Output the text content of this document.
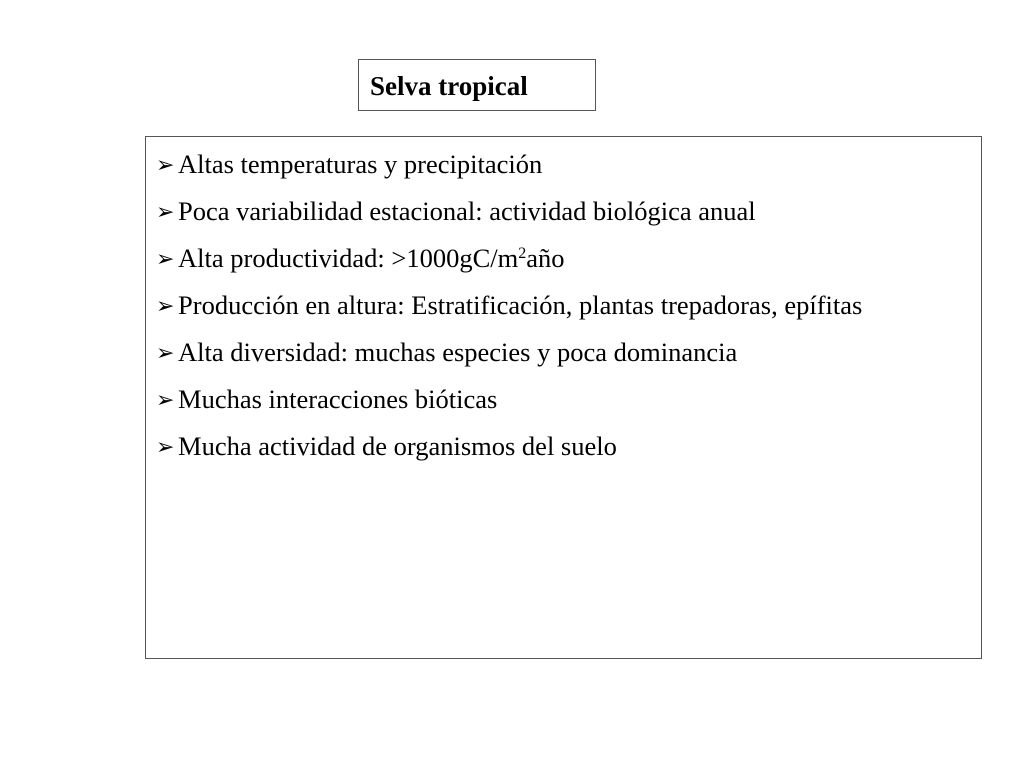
Selva tropical
➢ Altas temperaturas y precipitación
➢ Poca variabilidad estacional: actividad biológica anual
➢ Alta productividad: $>1000gC/m^2año$
➢ Producción en altura: Estratificación, plantas trepadoras, epífitas
➢ Alta diversidad: muchas especies y poca dominancia
➢ Muchas interacciones bióticas
➢ Mucha actividad de organismos del suelo
